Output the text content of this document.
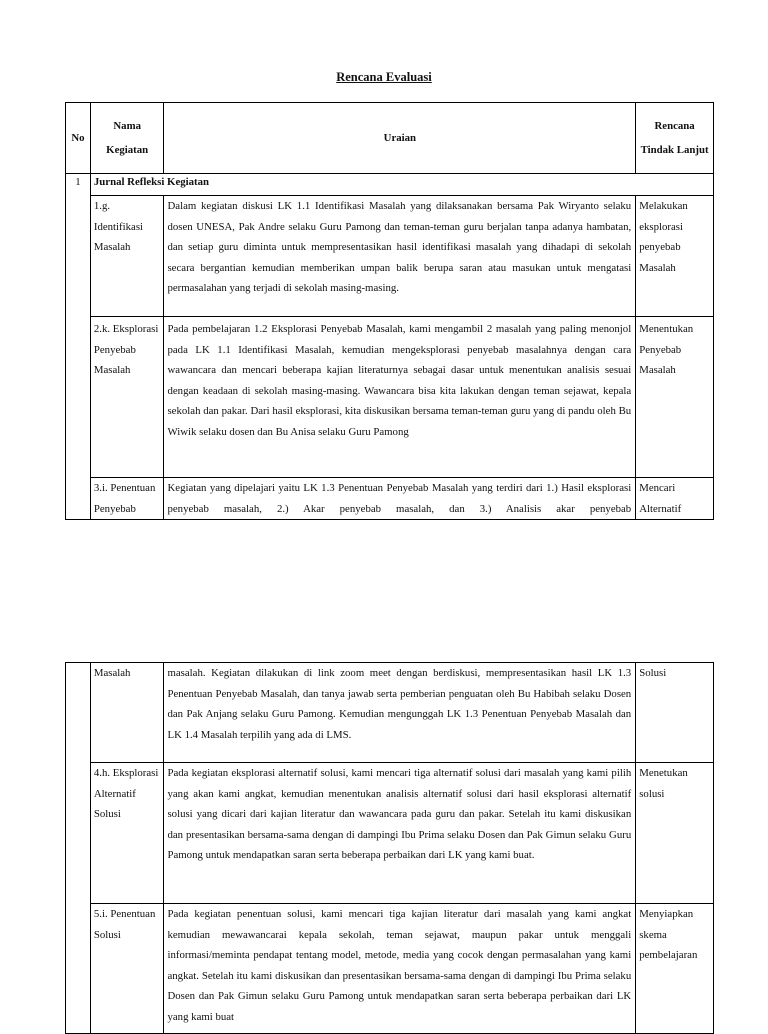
Rencana Evaluasi
No	Nama Kegiatan	Uraian	Rencana Tindak Lanjut
1	Jurnal Refleksi Kegiatan		
	1.g. Identifikasi Masalah	Dalam kegiatan diskusi LK 1.1 Identifikasi Masalah yang dilaksanakan bersama Pak Wiryanto selaku dosen UNESA, Pak Andre selaku Guru Pamong dan teman-teman guru berjalan tanpa adanya hambatan, dan setiap guru diminta untuk mempresentasikan hasil identifikasi masalah yang dihadapi di sekolah secara bergantian kemudian memberikan umpan balik berupa saran atau masukan untuk mengatasi permasalahan yang terjadi di sekolah masing-masing.	Melakukan eksplorasi penyebab Masalah
	2.k. Eksplorasi Penyebab Masalah	Pada pembelajaran 1.2 Eksplorasi Penyebab Masalah, kami mengambil 2 masalah yang paling menonjol pada LK 1.1 Identifikasi Masalah, kemudian mengeksplorasi penyebab masalahnya dengan cara wawancara dan mencari beberapa kajian literaturnya sebagai dasar untuk menentukan analisis sesuai dengan keadaan di sekolah masing-masing. Wawancara bisa kita lakukan dengan teman sejawat, kepala sekolah dan pakar. Dari hasil eksplorasi, kita diskusikan bersama teman-teman guru yang di pandu oleh Bu Wiwik selaku dosen dan Bu Anisa selaku Guru Pamong	Menentukan Penyebab Masalah

	3.i. Penentuan Penyebab	Kegiatan yang dipelajari yaitu LK 1.3 Penentuan Penyebab Masalah yang terdiri dari 1.) Hasil eksplorasi penyebab masalah, 2.) Akar penyebab masalah, dan 3.) Analisis akar penyebab	Mencari Alternatif
	Masalah	masalah. Kegiatan dilakukan di link zoom meet dengan berdiskusi, mempresentasikan hasil LK 1.3 Penentuan Penyebab Masalah, dan tanya jawab serta pemberian penguatan oleh Bu Habibah selaku Dosen dan Pak Anjang selaku Guru Pamong. Kemudian mengunggah LK 1.3 Penentuan Penyebab Masalah dan LK 1.4 Masalah terpilih yang ada di LMS.	Solusi
	4.h. Eksplorasi Alternatif Solusi	Pada kegiatan eksplorasi alternatif solusi, kami mencari tiga alternatif solusi dari masalah yang kami pilih yang akan kami angkat, kemudian menentukan analisis alternatif solusi dari hasil eksplorasi alternatif solusi yang dicari dari kajian literatur dan wawancara pada guru dan pakar. Setelah itu kami diskusikan dan presentasikan bersama-sama dengan di dampingi Ibu Prima selaku Dosen dan Pak Gimun selaku Guru Pamong untuk mendapatkan saran serta beberapa perbaikan dari LK yang kami buat.	Menetukan solusi
	5.i. Penentuan Solusi	Pada kegiatan penentuan solusi, kami mencari tiga kajian literatur dari masalah yang kami angkat kemudian mewawancarai kepala sekolah, teman sejawat, maupun pakar untuk menggali informasi/meminta pendapat tentang model, metode, media yang cocok dengan permasalahan yang kami angkat. Setelah itu kami diskusikan dan presentasikan bersama-sama dengan di dampingi Ibu Prima selaku Dosen dan Pak Gimun selaku Guru Pamong untuk mendapatkan saran serta beberapa perbaikan dari LK yang kami buat	Menyiapkan skema pembelajaran
